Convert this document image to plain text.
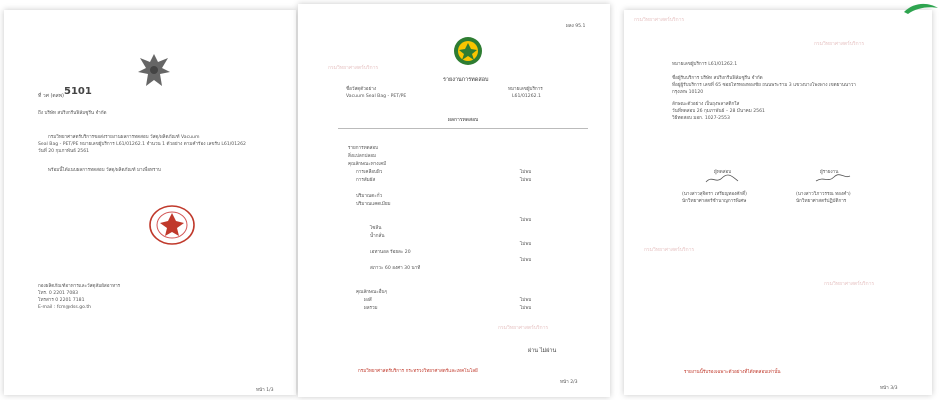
ที่ วศ (ตสพ) 5101
ถึง บริษัท สปริงกรีนฟิล์มซูรีน จำกัด
กรมวิทยาศาสตร์บริการขอส่งรายงานผลการทดสอบ วัสดุ/ผลิตภัณฑ์ Vacuum
Seal Bag - PET/PE หมายเลขผู้บริการ L61/01262.1 จำนวน 1 ตัวอย่าง ตามคำร้อง เลขรับ L61/01262
วันที่ 20 กุมภาพันธ์ 2561
พร้อมนี้ได้แนบผลการทดสอบ วัสดุ/ผลิตภัณฑ์ มาเพื่อทราบ
กองผลิตภัณฑ์อาหารและวัสดุสัมผัสอาหาร
โทร. 0 2201 7083
โทรสาร 0 2201 7181
E-mail : fcm@dss.go.th
หน้า 1/3
ผลง 95.1
รายงานการทดสอบ
ชื่อวัสดุตัวอย่าง
Vacuum Seal Bag - PET/PE
หมายเลขผู้บริการ
L61/01262.1
ผลการทดสอบ
รายการทดสอบ
สิ่งแปลกปลอม
คุณลักษณะทางเคมี
การเคลือบผิว
การสัมผัส
ปริมาณตะกั่ว
ปริมาณแคดเมียม
ไซลีน
น้ำกลั่น
เอทานอล ร้อยละ 20
สภาวะ 60 องศา 30 นาที
คุณลักษณะอื่นๆ
ผงสี
ผลรวม
ไม่พบ
ไม่พบ
ไม่พบ
ไม่พบ
ไม่พบ
ไม่พบ
ไม่พบ
ผ่าน ไม่ผ่าน
กรมวิทยาศาสตร์บริการ กระทรวงวิทยาศาสตร์และเทคโนโลยี
หน้า 2/3
กรมวิทยาศาสตร์บริการ
กรมวิทยาศาสตร์บริการ
หมายเลขผู้บริการ L61/01262.1
ชื่อผู้รับบริการ บริษัท สปริงกรีนฟิล์มซูรีน จำกัด
ที่อยู่ผู้รับบริการ เลขที่ 65 ซอยไทรทองทองชัย ถนนพระราม 3 แขวงบางโพงพาง เขตยานนาวา
กรุงเทพ 10120
ลักษณะตัวอย่าง เป็นถุงพลาสติกใส
วันที่ทดสอบ 26 กุมภาพันธ์ – 28 มีนาคม 2561
วิธีทดสอบ มอก. 1027-2553
ผู้ทดสอบ	ผู้รายงาน
(นางสาวสุจิตรา เหรียญทองศักดิ์)
นักวิทยาศาสตร์ชำนาญการพิเศษ
(นางสาววิภาวรรณ ทองคำ)
นักวิทยาศาสตร์ปฏิบัติการ
รายงานนี้รับรองเฉพาะตัวอย่างที่ได้ทดสอบเท่านั้น
หน้า 3/3
กรมวิทยาศาสตร์บริการ
กรมวิทยาศาสตร์บริการ
กรมวิทยาศาสตร์บริการ
กรมวิทยาศาสตร์บริการ
